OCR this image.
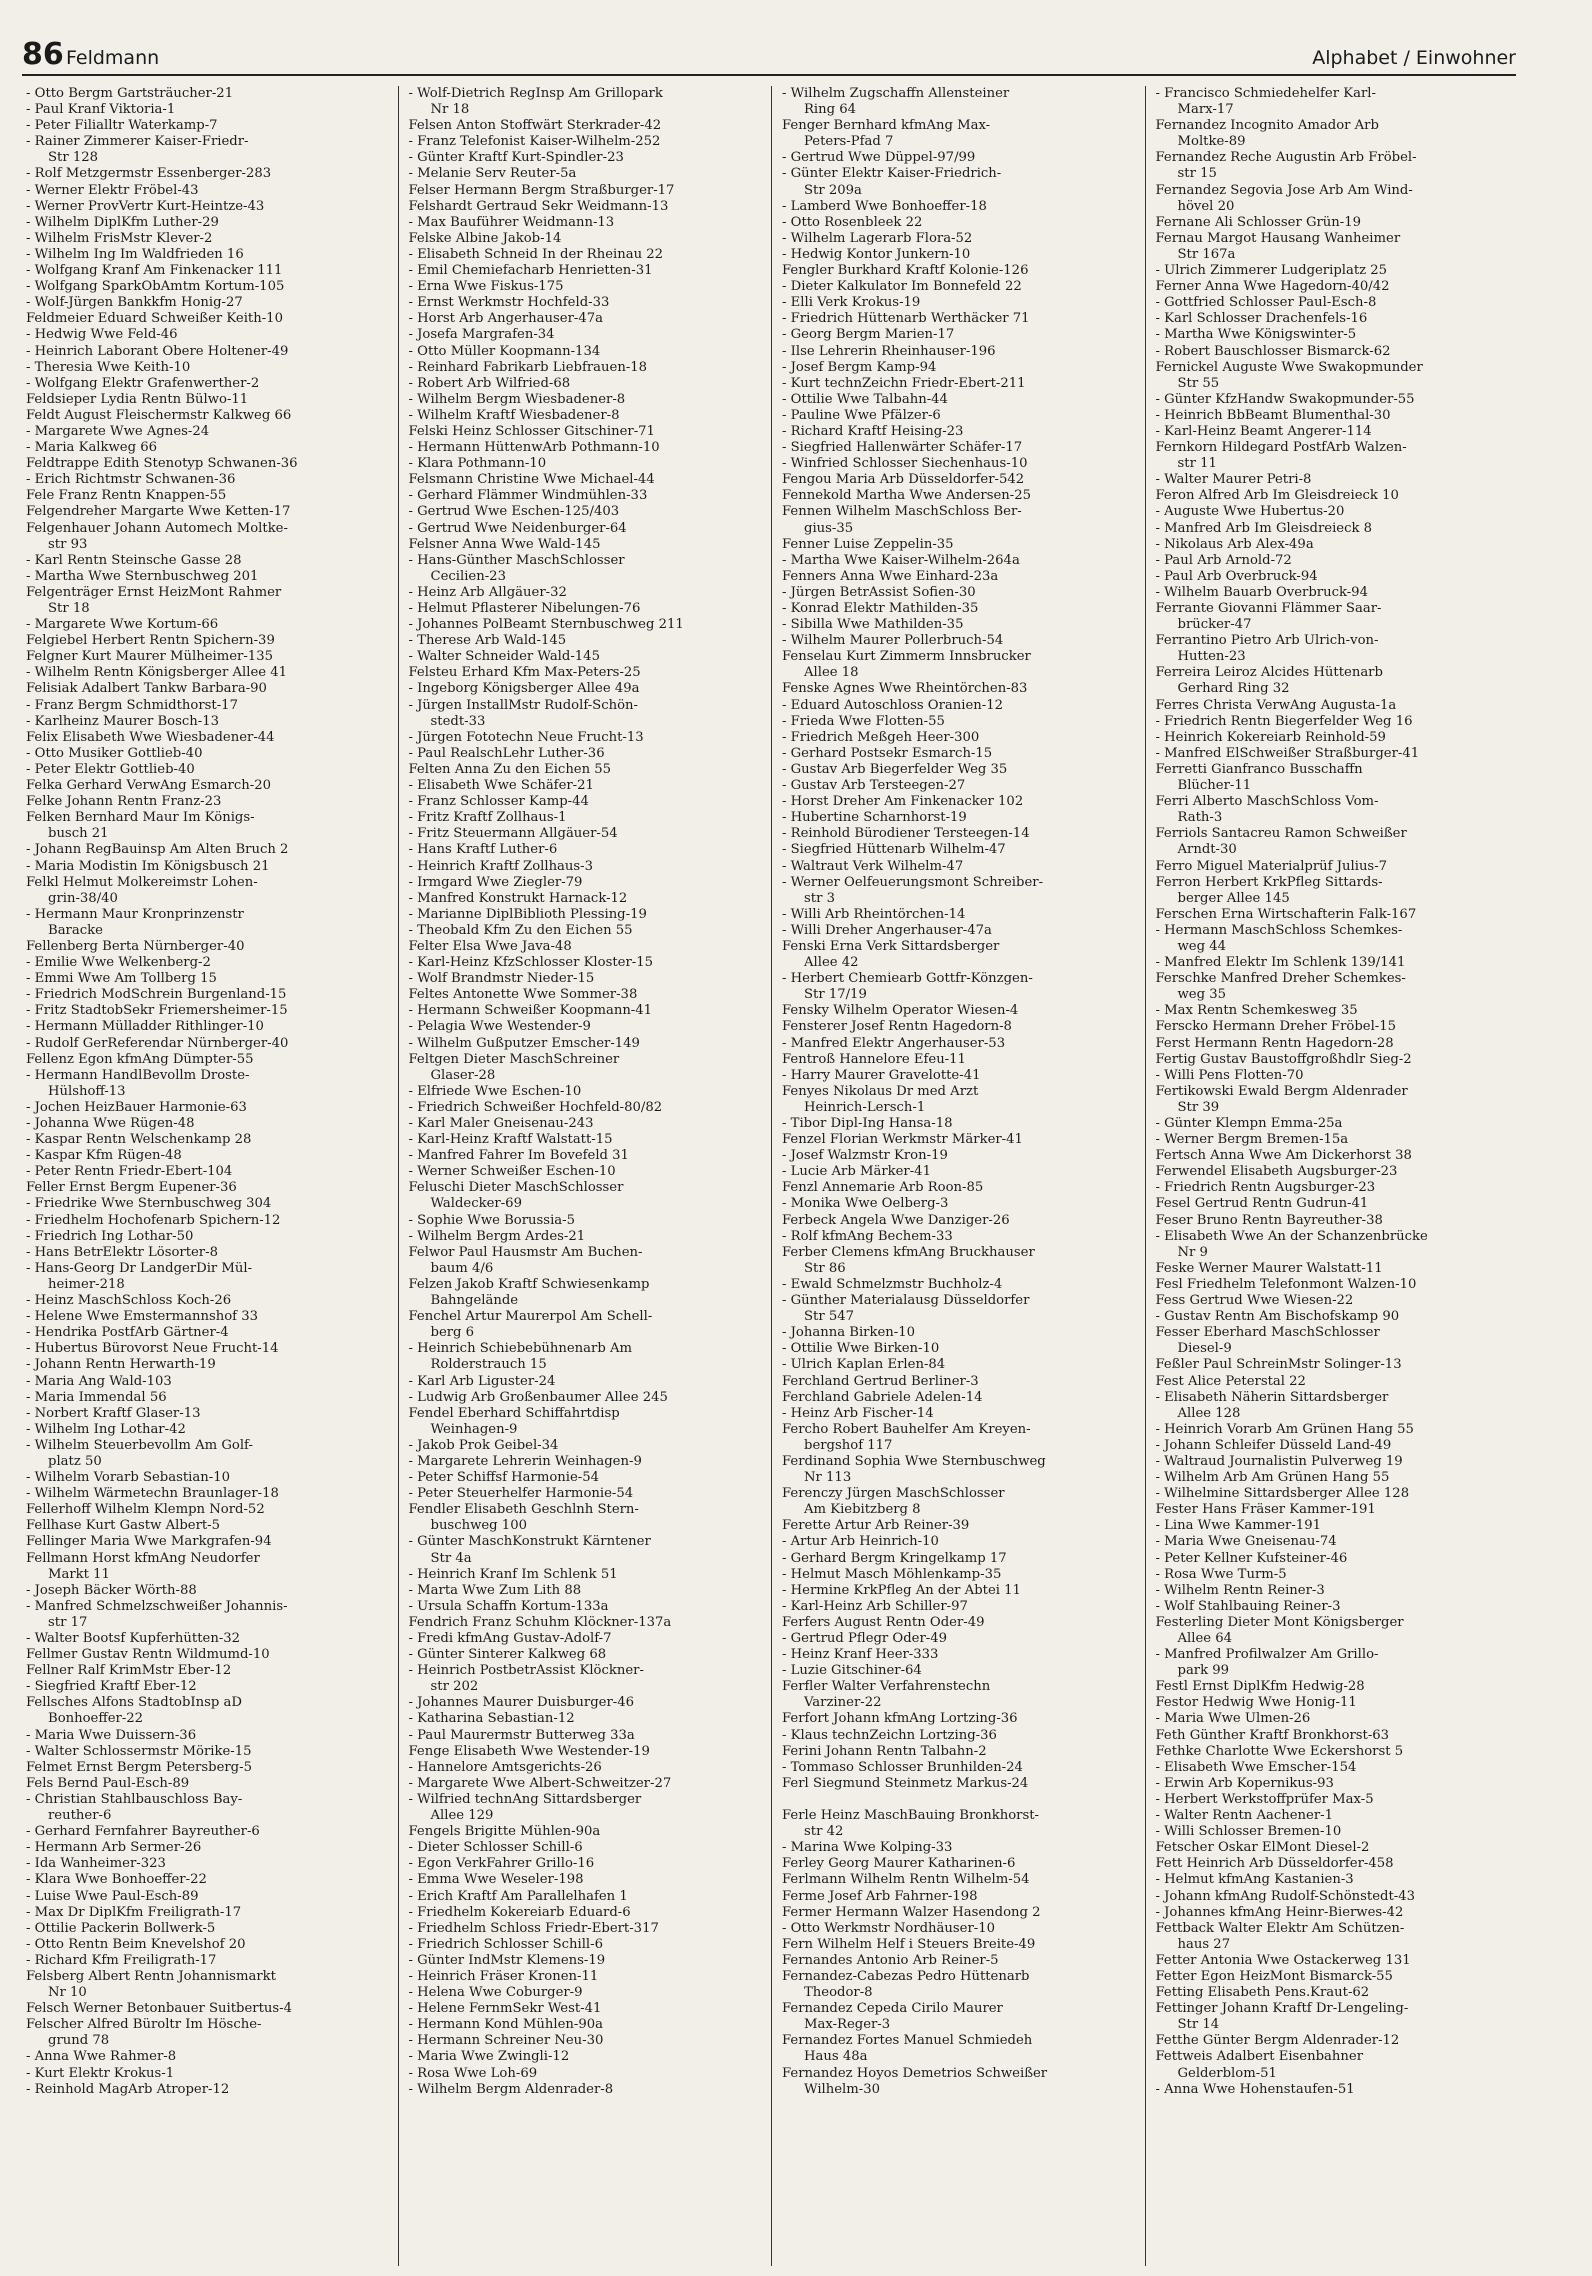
86 Feldmann	Alphabet / Einwohner

- Otto Bergm Gartsträucher-21

- Paul Kranf Viktoria-1

- Peter Filialltr Waterkamp-7

- Rainer Zimmerer Kaiser-Friedr-

Str 128

- Rolf Metzgermstr Essenberger-283

- Werner Elektr Fröbel-43

- Werner ProvVertr Kurt-Heintze-43

- Wilhelm DiplKfm Luther-29

- Wilhelm FrisMstr Klever-2

- Wilhelm Ing Im Waldfrieden 16

- Wolfgang Kranf Am Finkenacker 111

- Wolfgang SparkObAmtm Kortum-105

- Wolf-Jürgen Bankkfm Honig-27

Feldmeier Eduard Schweißer Keith-10

- Hedwig Wwe Feld-46

- Heinrich Laborant Obere Holtener-49

- Theresia Wwe Keith-10

- Wolfgang Elektr Grafenwerther-2

Feldsieper Lydia Rentn Bülwo-11

Feldt August Fleischermstr Kalkweg 66

- Margarete Wwe Agnes-24

- Maria Kalkweg 66

Feldtrappe Edith Stenotyp Schwanen-36

- Erich Richtmstr Schwanen-36

Fele Franz Rentn Knappen-55

Felgendreher Margarte Wwe Ketten-17

Felgenhauer Johann Automech Moltke-

str 93

- Karl Rentn Steinsche Gasse 28

- Martha Wwe Sternbuschweg 201

Felgenträger Ernst HeizMont Rahmer

Str 18

- Margarete Wwe Kortum-66

Felgiebel Herbert Rentn Spichern-39

Felgner Kurt Maurer Mülheimer-135

- Wilhelm Rentn Königsberger Allee 41

Felisiak Adalbert Tankw Barbara-90

- Franz Bergm Schmidthorst-17

- Karlheinz Maurer Bosch-13

Felix Elisabeth Wwe Wiesbadener-44

- Otto Musiker Gottlieb-40

- Peter Elektr Gottlieb-40

Felka Gerhard VerwAng Esmarch-20

Felke Johann Rentn Franz-23

Felken Bernhard Maur Im Königs-

busch 21

- Johann RegBauinsp Am Alten Bruch 2

- Maria Modistin Im Königsbusch 21

Felkl Helmut Molkereimstr Lohen-

grin-38/40

- Hermann Maur Kronprinzenstr

Baracke

Fellenberg Berta Nürnberger-40

- Emilie Wwe Welkenberg-2

- Emmi Wwe Am Tollberg 15

- Friedrich ModSchrein Burgenland-15

- Fritz StadtobSekr Friemersheimer-15

- Hermann Mülladder Rithlinger-10

- Rudolf GerReferendar Nürnberger-40

Fellenz Egon kfmAng Dümpter-55

- Hermann HandlBevollm Droste-

Hülshoff-13

- Jochen HeizBauer Harmonie-63

- Johanna Wwe Rügen-48

- Kaspar Rentn Welschenkamp 28

- Kaspar Kfm Rügen-48

- Peter Rentn Friedr-Ebert-104

Feller Ernst Bergm Eupener-36

- Friedrike Wwe Sternbuschweg 304

- Friedhelm Hochofenarb Spichern-12

- Friedrich Ing Lothar-50

- Hans BetrElektr Lösorter-8

- Hans-Georg Dr LandgerDir Mül-

heimer-218

- Heinz MaschSchloss Koch-26

- Helene Wwe Emstermannshof 33

- Hendrika PostfArb Gärtner-4

- Hubertus Bürovorst Neue Frucht-14

- Johann Rentn Herwarth-19

- Maria Ang Wald-103

- Maria Immendal 56

- Norbert Kraftf Glaser-13

- Wilhelm Ing Lothar-42

- Wilhelm Steuerbevollm Am Golf-

platz 50

- Wilhelm Vorarb Sebastian-10

- Wilhelm Wärmetechn Braunlager-18

Fellerhoff Wilhelm Klempn Nord-52

Fellhase Kurt Gastw Albert-5

Fellinger Maria Wwe Markgrafen-94

Fellmann Horst kfmAng Neudorfer

Markt 11

- Joseph Bäcker Wörth-88

- Manfred Schmelzschweißer Johannis-

str 17

- Walter Bootsf Kupferhütten-32

Fellmer Gustav Rentn Wildmumd-10

Fellner Ralf KrimMstr Eber-12

- Siegfried Kraftf Eber-12

Fellsches Alfons StadtobInsp aD

Bonhoeffer-22

- Maria Wwe Duissern-36

- Walter Schlossermstr Mörike-15

Felmet Ernst Bergm Petersberg-5

Fels Bernd Paul-Esch-89

- Christian Stahlbauschloss Bay-

reuther-6

- Gerhard Fernfahrer Bayreuther-6

- Hermann Arb Sermer-26

- Ida Wanheimer-323

- Klara Wwe Bonhoeffer-22

- Luise Wwe Paul-Esch-89

- Max Dr DiplKfm Freiligrath-17

- Ottilie Packerin Bollwerk-5

- Otto Rentn Beim Knevelshof 20

- Richard Kfm Freiligrath-17

Felsberg Albert Rentn Johannismarkt

Nr 10

Felsch Werner Betonbauer Suitbertus-4

Felscher Alfred Büroltr Im Hösche-

grund 78

- Anna Wwe Rahmer-8

- Kurt Elektr Krokus-1

- Reinhold MagArb Atroper-12

- Wolf-Dietrich RegInsp Am Grillopark

Nr 18

Felsen Anton Stoffwärt Sterkrader-42

- Franz Telefonist Kaiser-Wilhelm-252

- Günter Kraftf Kurt-Spindler-23

- Melanie Serv Reuter-5a

Felser Hermann Bergm Straßburger-17

Felshardt Gertraud Sekr Weidmann-13

- Max Bauführer Weidmann-13

Felske Albine Jakob-14

- Elisabeth Schneid In der Rheinau 22

- Emil Chemiefacharb Henrietten-31

- Erna Wwe Fiskus-175

- Ernst Werkmstr Hochfeld-33

- Horst Arb Angerhauser-47a

- Josefa Margrafen-34

- Otto Müller Koopmann-134

- Reinhard Fabrikarb Liebfrauen-18

- Robert Arb Wilfried-68

- Wilhelm Bergm Wiesbadener-8

- Wilhelm Kraftf Wiesbadener-8

Felski Heinz Schlosser Gitschiner-71

- Hermann HüttenwArb Pothmann-10

- Klara Pothmann-10

Felsmann Christine Wwe Michael-44

- Gerhard Flämmer Windmühlen-33

- Gertrud Wwe Eschen-125/403

- Gertrud Wwe Neidenburger-64

Felsner Anna Wwe Wald-145

- Hans-Günther MaschSchlosser

Cecilien-23

- Heinz Arb Allgäuer-32

- Helmut Pflasterer Nibelungen-76

- Johannes PolBeamt Sternbuschweg 211

- Therese Arb Wald-145

- Walter Schneider Wald-145

Felsteu Erhard Kfm Max-Peters-25

- Ingeborg Königsberger Allee 49a

- Jürgen InstallMstr Rudolf-Schön-

stedt-33

- Jürgen Fototechn Neue Frucht-13

- Paul RealschLehr Luther-36

Felten Anna Zu den Eichen 55

- Elisabeth Wwe Schäfer-21

- Franz Schlosser Kamp-44

- Fritz Kraftf Zollhaus-1

- Fritz Steuermann Allgäuer-54

- Hans Kraftf Luther-6

- Heinrich Kraftf Zollhaus-3

- Irmgard Wwe Ziegler-79

- Manfred Konstrukt Harnack-12

- Marianne DiplBiblioth Plessing-19

- Theobald Kfm Zu den Eichen 55

Felter Elsa Wwe Java-48

- Karl-Heinz KfzSchlosser Kloster-15

- Wolf Brandmstr Nieder-15

Feltes Antonette Wwe Sommer-38

- Hermann Schweißer Koopmann-41

- Pelagia Wwe Westender-9

- Wilhelm Gußputzer Emscher-149

Feltgen Dieter MaschSchreiner

Glaser-28

- Elfriede Wwe Eschen-10

- Friedrich Schweißer Hochfeld-80/82

- Karl Maler Gneisenau-243

- Karl-Heinz Kraftf Walstatt-15

- Manfred Fahrer Im Bovefeld 31

- Werner Schweißer Eschen-10

Feluschi Dieter MaschSchlosser

Waldecker-69

- Sophie Wwe Borussia-5

- Wilhelm Bergm Ardes-21

Felwor Paul Hausmstr Am Buchen-

baum 4/6

Felzen Jakob Kraftf Schwiesenkamp

Bahngelände

Fenchel Artur Maurerpol Am Schell-

berg 6

- Heinrich Schiebebühnenarb Am

Rolderstrauch 15

- Karl Arb Liguster-24

- Ludwig Arb Großenbaumer Allee 245

Fendel Eberhard Schiffahrtdisp

Weinhagen-9

- Jakob Prok Geibel-34

- Margarete Lehrerin Weinhagen-9

- Peter Schiffsf Harmonie-54

- Peter Steuerhelfer Harmonie-54

Fendler Elisabeth Geschlnh Stern-

buschweg 100

- Günter MaschKonstrukt Kärntener

Str 4a

- Heinrich Kranf Im Schlenk 51

- Marta Wwe Zum Lith 88

- Ursula Schaffn Kortum-133a

Fendrich Franz Schuhm Klöckner-137a

- Fredi kfmAng Gustav-Adolf-7

- Günter Sinterer Kalkweg 68

- Heinrich PostbetrAssist Klöckner-

str 202

- Johannes Maurer Duisburger-46

- Katharina Sebastian-12

- Paul Maurermstr Butterweg 33a

Fenge Elisabeth Wwe Westender-19

- Hannelore Amtsgerichts-26

- Margarete Wwe Albert-Schweitzer-27

- Wilfried technAng Sittardsberger

Allee 129

Fengels Brigitte Mühlen-90a

- Dieter Schlosser Schill-6

- Egon VerkFahrer Grillo-16

- Emma Wwe Weseler-198

- Erich Kraftf Am Parallelhafen 1

- Friedhelm Kokereiarb Eduard-6

- Friedhelm Schloss Friedr-Ebert-317

- Friedrich Schlosser Schill-6

- Günter IndMstr Klemens-19

- Heinrich Fräser Kronen-11

- Helena Wwe Coburger-9

- Helene FernmSekr West-41

- Hermann Kond Mühlen-90a

- Hermann Schreiner Neu-30

- Maria Wwe Zwingli-12

- Rosa Wwe Loh-69

- Wilhelm Bergm Aldenrader-8

- Wilhelm Zugschaffn Allensteiner

Ring 64

Fenger Bernhard kfmAng Max-

Peters-Pfad 7

- Gertrud Wwe Düppel-97/99

- Günter Elektr Kaiser-Friedrich-

Str 209a

- Lamberd Wwe Bonhoeffer-18

- Otto Rosenbleek 22

- Wilhelm Lagerarb Flora-52

- Hedwig Kontor Junkern-10

Fengler Burkhard Kraftf Kolonie-126

- Dieter Kalkulator Im Bonnefeld 22

- Elli Verk Krokus-19

- Friedrich Hüttenarb Werthäcker 71

- Georg Bergm Marien-17

- Ilse Lehrerin Rheinhauser-196

- Josef Bergm Kamp-94

- Kurt technZeichn Friedr-Ebert-211

- Ottilie Wwe Talbahn-44

- Pauline Wwe Pfälzer-6

- Richard Kraftf Heising-23

- Siegfried Hallenwärter Schäfer-17

- Winfried Schlosser Siechenhaus-10

Fengou Maria Arb Düsseldorfer-542

Fennekold Martha Wwe Andersen-25

Fennen Wilhelm MaschSchloss Ber-

gius-35

Fenner Luise Zeppelin-35

- Martha Wwe Kaiser-Wilhelm-264a

Fenners Anna Wwe Einhard-23a

- Jürgen BetrAssist Sofien-30

- Konrad Elektr Mathilden-35

- Sibilla Wwe Mathilden-35

- Wilhelm Maurer Pollerbruch-54

Fenselau Kurt Zimmerm Innsbrucker

Allee 18

Fenske Agnes Wwe Rheintörchen-83

- Eduard Autoschloss Oranien-12

- Frieda Wwe Flotten-55

- Friedrich Meßgeh Heer-300

- Gerhard Postsekr Esmarch-15

- Gustav Arb Biegerfelder Weg 35

- Gustav Arb Tersteegen-27

- Horst Dreher Am Finkenacker 102

- Hubertine Scharnhorst-19

- Reinhold Bürodiener Tersteegen-14

- Siegfried Hüttenarb Wilhelm-47

- Waltraut Verk Wilhelm-47

- Werner Oelfeuerungsmont Schreiber-

str 3

- Willi Arb Rheintörchen-14

- Willi Dreher Angerhauser-47a

Fenski Erna Verk Sittardsberger

Allee 42

- Herbert Chemiearb Gottfr-Könzgen-

Str 17/19

Fensky Wilhelm Operator Wiesen-4

Fensterer Josef Rentn Hagedorn-8

- Manfred Elektr Angerhauser-53

Fentroß Hannelore Efeu-11

- Harry Maurer Gravelotte-41

Fenyes Nikolaus Dr med Arzt

Heinrich-Lersch-1

- Tibor Dipl-Ing Hansa-18

Fenzel Florian Werkmstr Märker-41

- Josef Walzmstr Kron-19

- Lucie Arb Märker-41

Fenzl Annemarie Arb Roon-85

- Monika Wwe Oelberg-3

Ferbeck Angela Wwe Danziger-26

- Rolf kfmAng Bechem-33

Ferber Clemens kfmAng Bruckhauser

Str 86

- Ewald Schmelzmstr Buchholz-4

- Günther Materialausg Düsseldorfer

Str 547

- Johanna Birken-10

- Ottilie Wwe Birken-10

- Ulrich Kaplan Erlen-84

Ferchland Gertrud Berliner-3

Ferchland Gabriele Adelen-14

- Heinz Arb Fischer-14

Fercho Robert Bauhelfer Am Kreyen-

bergshof 117

Ferdinand Sophia Wwe Sternbuschweg

Nr 113

Ferenczy Jürgen MaschSchlosser

Am Kiebitzberg 8

Ferette Artur Arb Reiner-39

- Artur Arb Heinrich-10

- Gerhard Bergm Kringelkamp 17

- Helmut Masch Möhlenkamp-35

- Hermine KrkPfleg An der Abtei 11

- Karl-Heinz Arb Schiller-97

Ferfers August Rentn Oder-49

- Gertrud Pflegr Oder-49

- Heinz Kranf Heer-333

- Luzie Gitschiner-64

Ferfler Walter Verfahrenstechn

Varziner-22

Ferfort Johann kfmAng Lortzing-36

- Klaus technZeichn Lortzing-36

Ferini Johann Rentn Talbahn-2

- Tommaso Schlosser Brunhilden-24

Ferl Siegmund Steinmetz Markus-24

Ferle Heinz MaschBauing Bronkhorst-

str 42

- Marina Wwe Kolping-33

Ferley Georg Maurer Katharinen-6

Ferlmann Wilhelm Rentn Wilhelm-54

Ferme Josef Arb Fahrner-198

Fermer Hermann Walzer Hasendong 2

- Otto Werkmstr Nordhäuser-10

Fern Wilhelm Helf i Steuers Breite-49

Fernandes Antonio Arb Reiner-5

Fernandez-Cabezas Pedro Hüttenarb

Theodor-8

Fernandez Cepeda Cirilo Maurer

Max-Reger-3

Fernandez Fortes Manuel Schmiedeh

Haus 48a

Fernandez Hoyos Demetrios Schweißer

Wilhelm-30

- Francisco Schmiedehelfer Karl-

Marx-17

Fernandez Incognito Amador Arb

Moltke-89

Fernandez Reche Augustin Arb Fröbel-

str 15

Fernandez Segovia Jose Arb Am Wind-

hövel 20

Fernane Ali Schlosser Grün-19

Fernau Margot Hausang Wanheimer

Str 167a

- Ulrich Zimmerer Ludgeriplatz 25

Ferner Anna Wwe Hagedorn-40/42

- Gottfried Schlosser Paul-Esch-8

- Karl Schlosser Drachenfels-16

- Martha Wwe Königswinter-5

- Robert Bauschlosser Bismarck-62

Fernickel Auguste Wwe Swakopmunder

Str 55

- Günter KfzHandw Swakopmunder-55

- Heinrich BbBeamt Blumenthal-30

- Karl-Heinz Beamt Angerer-114

Fernkorn Hildegard PostfArb Walzen-

str 11

- Walter Maurer Petri-8

Feron Alfred Arb Im Gleisdreieck 10

- Auguste Wwe Hubertus-20

- Manfred Arb Im Gleisdreieck 8

- Nikolaus Arb Alex-49a

- Paul Arb Arnold-72

- Paul Arb Overbruck-94

- Wilhelm Bauarb Overbruck-94

Ferrante Giovanni Flämmer Saar-

brücker-47

Ferrantino Pietro Arb Ulrich-von-

Hutten-23

Ferreira Leiroz Alcides Hüttenarb

Gerhard Ring 32

Ferres Christa VerwAng Augusta-1a

- Friedrich Rentn Biegerfelder Weg 16

- Heinrich Kokereiarb Reinhold-59

- Manfred ElSchweißer Straßburger-41

Ferretti Gianfranco Busschaffn

Blücher-11

Ferri Alberto MaschSchloss Vom-

Rath-3

Ferriols Santacreu Ramon Schweißer

Arndt-30

Ferro Miguel Materialprüf Julius-7

Ferron Herbert KrkPfleg Sittards-

berger Allee 145

Ferschen Erna Wirtschafterin Falk-167

- Hermann MaschSchloss Schemkes-

weg 44

- Manfred Elektr Im Schlenk 139/141

Ferschke Manfred Dreher Schemkes-

weg 35

- Max Rentn Schemkesweg 35

Ferscko Hermann Dreher Fröbel-15

Ferst Hermann Rentn Hagedorn-28

Fertig Gustav Baustoffgroßhdlr Sieg-2

- Willi Pens Flotten-70

Fertikowski Ewald Bergm Aldenrader

Str 39

- Günter Klempn Emma-25a

- Werner Bergm Bremen-15a

Fertsch Anna Wwe Am Dickerhorst 38

Ferwendel Elisabeth Augsburger-23

- Friedrich Rentn Augsburger-23

Fesel Gertrud Rentn Gudrun-41

Feser Bruno Rentn Bayreuther-38

- Elisabeth Wwe An der Schanzenbrücke

Nr 9

Feske Werner Maurer Walstatt-11

Fesl Friedhelm Telefonmont Walzen-10

Fess Gertrud Wwe Wiesen-22

- Gustav Rentn Am Bischofskamp 90

Fesser Eberhard MaschSchlosser

Diesel-9

Feßler Paul SchreinMstr Solinger-13

Fest Alice Peterstal 22

- Elisabeth Näherin Sittardsberger

Allee 128

- Heinrich Vorarb Am Grünen Hang 55

- Johann Schleifer Düsseld Land-49

- Waltraud Journalistin Pulverweg 19

- Wilhelm Arb Am Grünen Hang 55

- Wilhelmine Sittardsberger Allee 128

Fester Hans Fräser Kammer-191

- Lina Wwe Kammer-191

- Maria Wwe Gneisenau-74

- Peter Kellner Kufsteiner-46

- Rosa Wwe Turm-5

- Wilhelm Rentn Reiner-3

- Wolf Stahlbauing Reiner-3

Festerling Dieter Mont Königsberger

Allee 64

- Manfred Profilwalzer Am Grillo-

park 99

Festl Ernst DiplKfm Hedwig-28

Festor Hedwig Wwe Honig-11

- Maria Wwe Ulmen-26

Feth Günther Kraftf Bronkhorst-63

Fethke Charlotte Wwe Eckershorst 5

- Elisabeth Wwe Emscher-154

- Erwin Arb Kopernikus-93

- Herbert Werkstoffprüfer Max-5

- Walter Rentn Aachener-1

- Willi Schlosser Bremen-10

Fetscher Oskar ElMont Diesel-2

Fett Heinrich Arb Düsseldorfer-458

- Helmut kfmAng Kastanien-3

- Johann kfmAng Rudolf-Schönstedt-43

- Johannes kfmAng Heinr-Bierwes-42

Fettback Walter Elektr Am Schützen-

haus 27

Fetter Antonia Wwe Ostackerweg 131

Fetter Egon HeizMont Bismarck-55

Fetting Elisabeth Pens.Kraut-62

Fettinger Johann Kraftf Dr-Lengeling-

Str 14

Fetthe Günter Bergm Aldenrader-12

Fettweis Adalbert Eisenbahner

Gelderblom-51

- Anna Wwe Hohenstaufen-51
